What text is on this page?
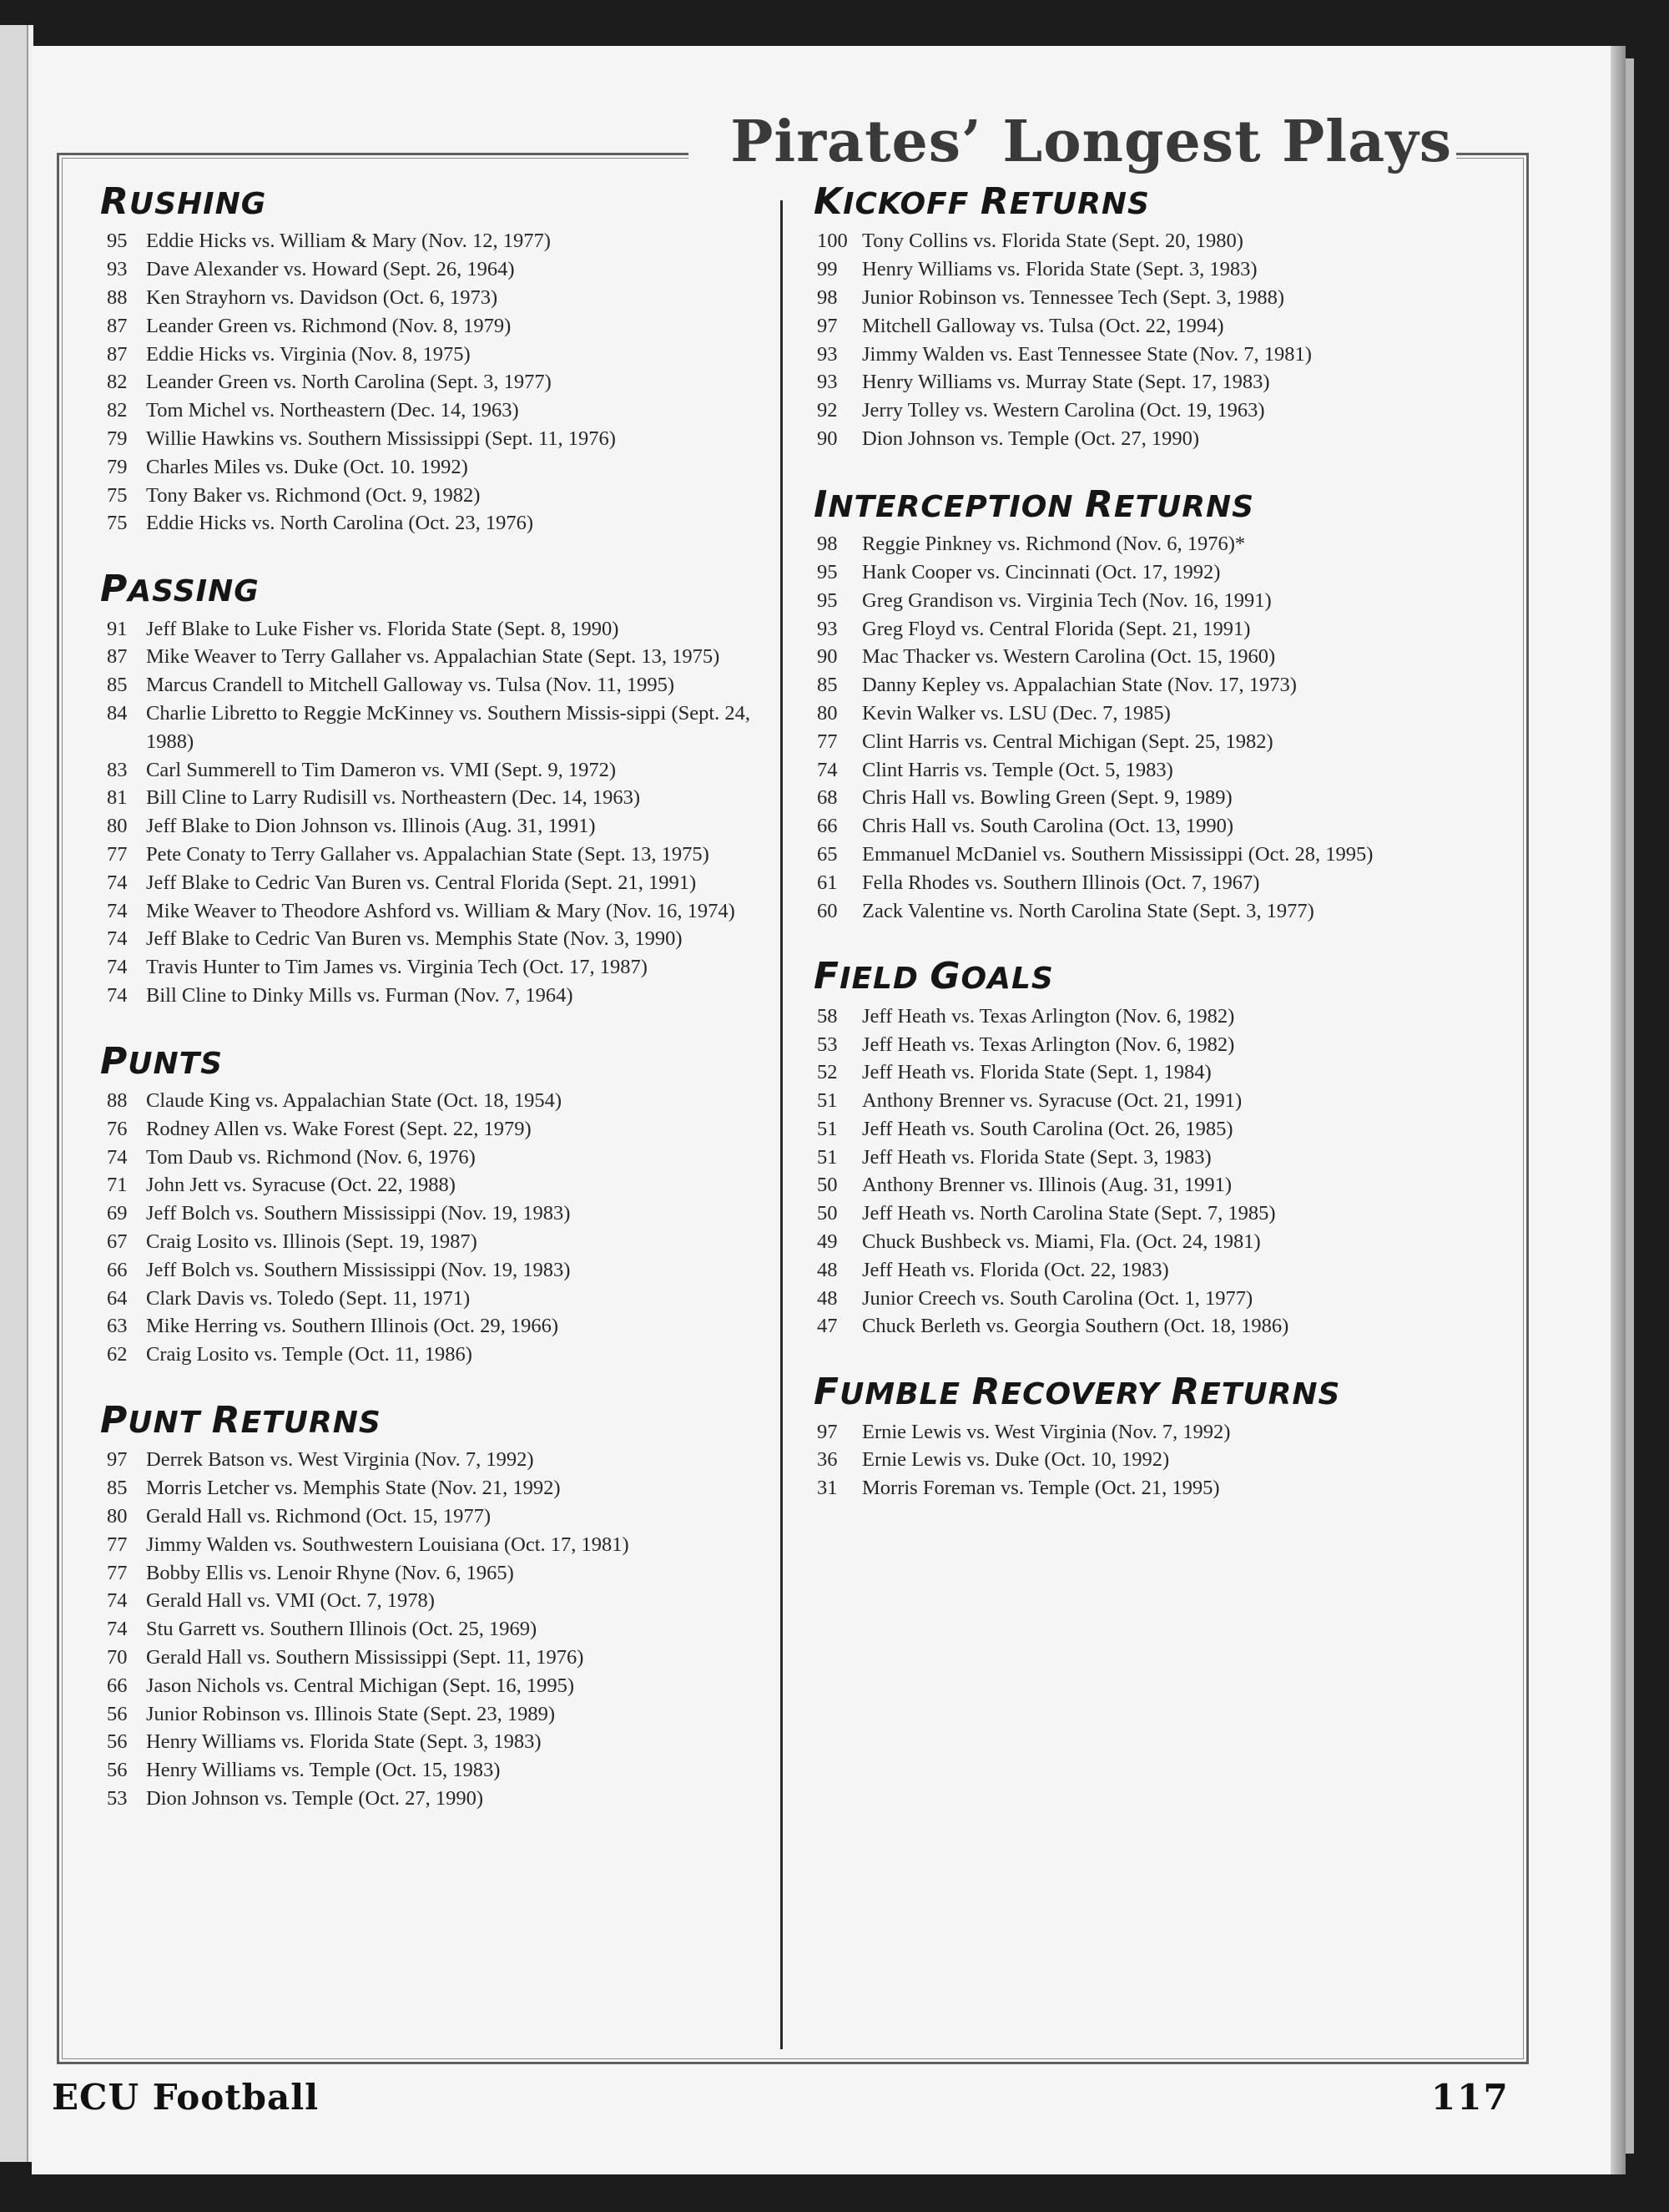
Pirates’ Longest Plays
RUSHING
95 Eddie Hicks vs. William & Mary (Nov. 12, 1977)
93 Dave Alexander vs. Howard (Sept. 26, 1964)
88 Ken Strayhorn vs. Davidson (Oct. 6, 1973)
87 Leander Green vs. Richmond (Nov. 8, 1979)
87 Eddie Hicks vs. Virginia (Nov. 8, 1975)
82 Leander Green vs. North Carolina (Sept. 3, 1977)
82 Tom Michel vs. Northeastern (Dec. 14, 1963)
79 Willie Hawkins vs. Southern Mississippi (Sept. 11, 1976)
79 Charles Miles vs. Duke (Oct. 10. 1992)
75 Tony Baker vs. Richmond (Oct. 9, 1982)
75 Eddie Hicks vs. North Carolina (Oct. 23, 1976)
PASSING
91 Jeff Blake to Luke Fisher vs. Florida State (Sept. 8, 1990)
87 Mike Weaver to Terry Gallaher vs. Appalachian State (Sept. 13, 1975)
85 Marcus Crandell to Mitchell Galloway vs. Tulsa (Nov. 11, 1995)
84 Charlie Libretto to Reggie McKinney vs. Southern Missis-sippi (Sept. 24, 1988)
83 Carl Summerell to Tim Dameron vs. VMI (Sept. 9, 1972)
81 Bill Cline to Larry Rudisill vs. Northeastern (Dec. 14, 1963)
80 Jeff Blake to Dion Johnson vs. Illinois (Aug. 31, 1991)
77 Pete Conaty to Terry Gallaher vs. Appalachian State (Sept. 13, 1975)
74 Jeff Blake to Cedric Van Buren vs. Central Florida (Sept. 21, 1991)
74 Mike Weaver to Theodore Ashford vs. William & Mary (Nov. 16, 1974)
74 Jeff Blake to Cedric Van Buren vs. Memphis State (Nov. 3, 1990)
74 Travis Hunter to Tim James vs. Virginia Tech (Oct. 17, 1987)
74 Bill Cline to Dinky Mills vs. Furman (Nov. 7, 1964)
PUNTS
88 Claude King vs. Appalachian State (Oct. 18, 1954)
76 Rodney Allen vs. Wake Forest (Sept. 22, 1979)
74 Tom Daub vs. Richmond (Nov. 6, 1976)
71 John Jett vs. Syracuse (Oct. 22, 1988)
69 Jeff Bolch vs. Southern Mississippi (Nov. 19, 1983)
67 Craig Losito vs. Illinois (Sept. 19, 1987)
66 Jeff Bolch vs. Southern Mississippi (Nov. 19, 1983)
64 Clark Davis vs. Toledo (Sept. 11, 1971)
63 Mike Herring vs. Southern Illinois (Oct. 29, 1966)
62 Craig Losito vs. Temple (Oct. 11, 1986)
PUNT RETURNS
97 Derrek Batson vs. West Virginia (Nov. 7, 1992)
85 Morris Letcher vs. Memphis State (Nov. 21, 1992)
80 Gerald Hall vs. Richmond (Oct. 15, 1977)
77 Jimmy Walden vs. Southwestern Louisiana (Oct. 17, 1981)
77 Bobby Ellis vs. Lenoir Rhyne (Nov. 6, 1965)
74 Gerald Hall vs. VMI (Oct. 7, 1978)
74 Stu Garrett vs. Southern Illinois (Oct. 25, 1969)
70 Gerald Hall vs. Southern Mississippi (Sept. 11, 1976)
66 Jason Nichols vs. Central Michigan (Sept. 16, 1995)
56 Junior Robinson vs. Illinois State (Sept. 23, 1989)
56 Henry Williams vs. Florida State (Sept. 3, 1983)
56 Henry Williams vs. Temple (Oct. 15, 1983)
53 Dion Johnson vs. Temple (Oct. 27, 1990)
KICKOFF RETURNS
100 Tony Collins vs. Florida State (Sept. 20, 1980)
99	Henry Williams vs. Florida State (Sept. 3, 1983)
98	Junior Robinson vs. Tennessee Tech (Sept. 3, 1988)
97	Mitchell Galloway vs. Tulsa (Oct. 22, 1994)
93	Jimmy Walden vs. East Tennessee State (Nov. 7, 1981)
93	Henry Williams vs. Murray State (Sept. 17, 1983)
92	Jerry Tolley vs. Western Carolina (Oct. 19, 1963)
90	Dion Johnson vs. Temple (Oct. 27, 1990)
INTERCEPTION RETURNS
98	Reggie Pinkney vs. Richmond (Nov. 6, 1976)*
95	Hank Cooper vs. Cincinnati (Oct. 17, 1992)
95	Greg Grandison vs. Virginia Tech (Nov. 16, 1991)
93	Greg Floyd vs. Central Florida (Sept. 21, 1991)
90	Mac Thacker vs. Western Carolina (Oct. 15, 1960)
85	Danny Kepley vs. Appalachian State (Nov. 17, 1973)
80	Kevin Walker vs. LSU (Dec. 7, 1985)
77	Clint Harris vs. Central Michigan (Sept. 25, 1982)
74	Clint Harris vs. Temple (Oct. 5, 1983)
68	Chris Hall vs. Bowling Green (Sept. 9, 1989)
66	Chris Hall vs. South Carolina (Oct. 13, 1990)
65	Emmanuel McDaniel vs. Southern Mississippi (Oct. 28, 1995)
61	Fella Rhodes vs. Southern Illinois (Oct. 7, 1967)
60	Zack Valentine vs. North Carolina State (Sept. 3, 1977)
FIELD GOALS
58	Jeff Heath vs. Texas Arlington (Nov. 6, 1982)
53	Jeff Heath vs. Texas Arlington (Nov. 6, 1982)
52	Jeff Heath vs. Florida State (Sept. 1, 1984)
51	Anthony Brenner vs. Syracuse (Oct. 21, 1991)
51	Jeff Heath vs. South Carolina (Oct. 26, 1985)
51	Jeff Heath vs. Florida State (Sept. 3, 1983)
50	Anthony Brenner vs. Illinois (Aug. 31, 1991)
50	Jeff Heath vs. North Carolina State (Sept. 7, 1985)
49	Chuck Bushbeck vs. Miami, Fla. (Oct. 24, 1981)
48	Jeff Heath vs. Florida (Oct. 22, 1983)
48	Junior Creech vs. South Carolina (Oct. 1, 1977)
47	Chuck Berleth vs. Georgia Southern (Oct. 18, 1986)
FUMBLE RECOVERY RETURNS
97	Ernie Lewis vs. West Virginia (Nov. 7, 1992)
36	Ernie Lewis vs. Duke (Oct. 10, 1992)
31	Morris Foreman vs. Temple (Oct. 21, 1995)
ECU Football	117
